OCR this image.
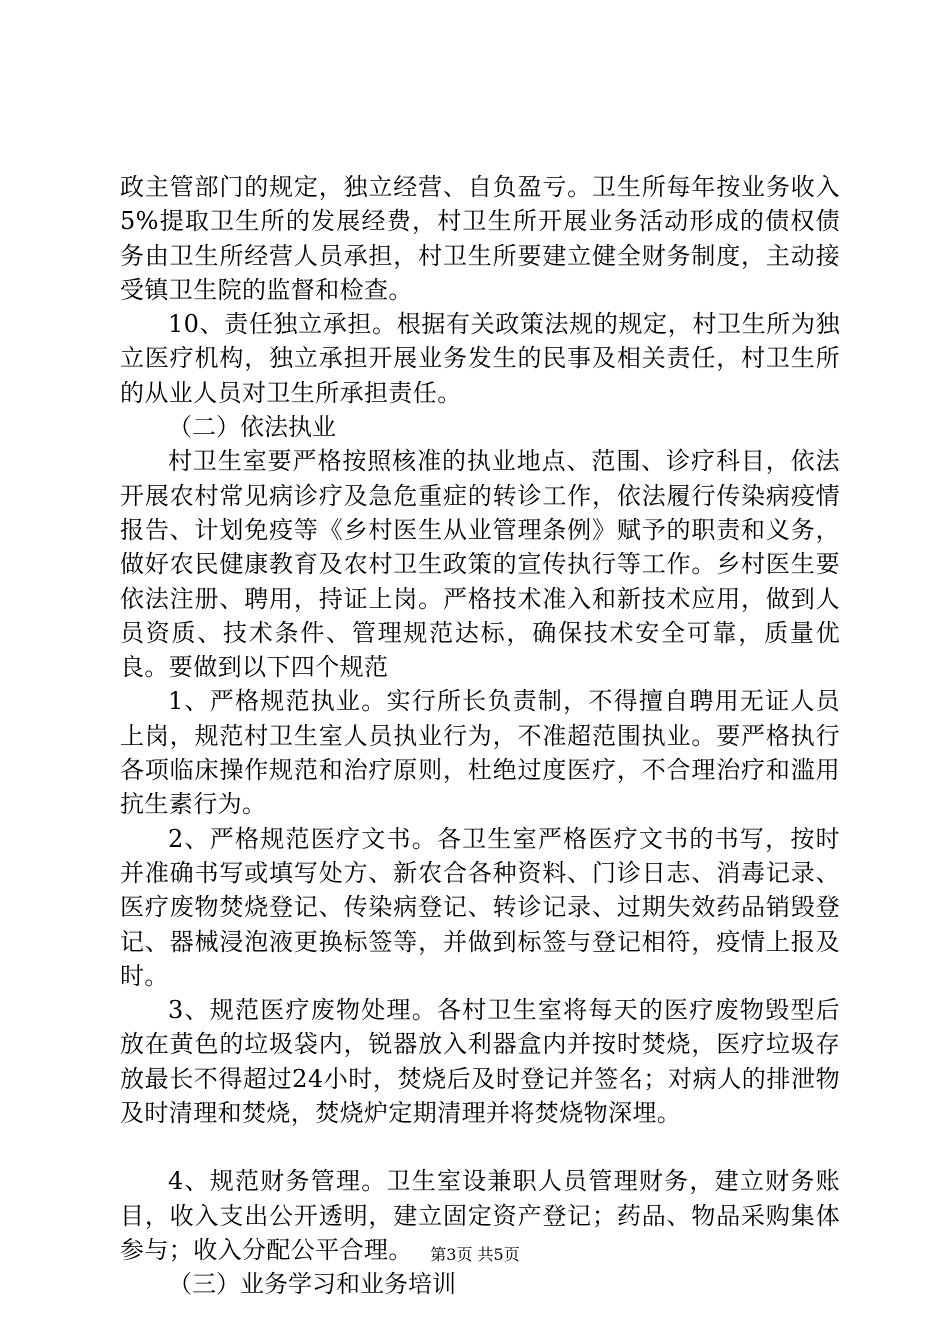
政主管部门的规定，独立经营、自负盈亏。卫生所每年按业务收入5%提取卫生所的发展经费，村卫生所开展业务活动形成的债权债务由卫生所经营人员承担，村卫生所要建立健全财务制度，主动接受镇卫生院的监督和检查。

10、责任独立承担。根据有关政策法规的规定，村卫生所为独立医疗机构，独立承担开展业务发生的民事及相关责任，村卫生所的从业人员对卫生所承担责任。

（二）依法执业

村卫生室要严格按照核准的执业地点、范围、诊疗科目，依法开展农村常见病诊疗及急危重症的转诊工作，依法履行传染病疫情报告、计划免疫等《乡村医生从业管理条例》赋予的职责和义务，做好农民健康教育及农村卫生政策的宣传执行等工作。乡村医生要依法注册、聘用，持证上岗。严格技术准入和新技术应用，做到人员资质、技术条件、管理规范达标，确保技术安全可靠，质量优良。要做到以下四个规范

1、严格规范执业。实行所长负责制，不得擅自聘用无证人员上岗，规范村卫生室人员执业行为，不准超范围执业。要严格执行各项临床操作规范和治疗原则，杜绝过度医疗，不合理治疗和滥用抗生素行为。

2、严格规范医疗文书。各卫生室严格医疗文书的书写，按时并准确书写或填写处方、新农合各种资料、门诊日志、消毒记录、医疗废物焚烧登记、传染病登记、转诊记录、过期失效药品销毁登记、器械浸泡液更换标签等，并做到标签与登记相符，疫情上报及时。

3、规范医疗废物处理。各村卫生室将每天的医疗废物毁型后放在黄色的垃圾袋内，锐器放入利器盒内并按时焚烧，医疗垃圾存放最长不得超过24小时，焚烧后及时登记并签名；对病人的排泄物及时清理和焚烧，焚烧炉定期清理并将焚烧物深埋。

4、规范财务管理。卫生室设兼职人员管理财务，建立财务账目，收入支出公开透明，建立固定资产登记；药品、物品采购集体参与；收入分配公平合理。

（三）业务学习和业务培训

第3页 共5页
